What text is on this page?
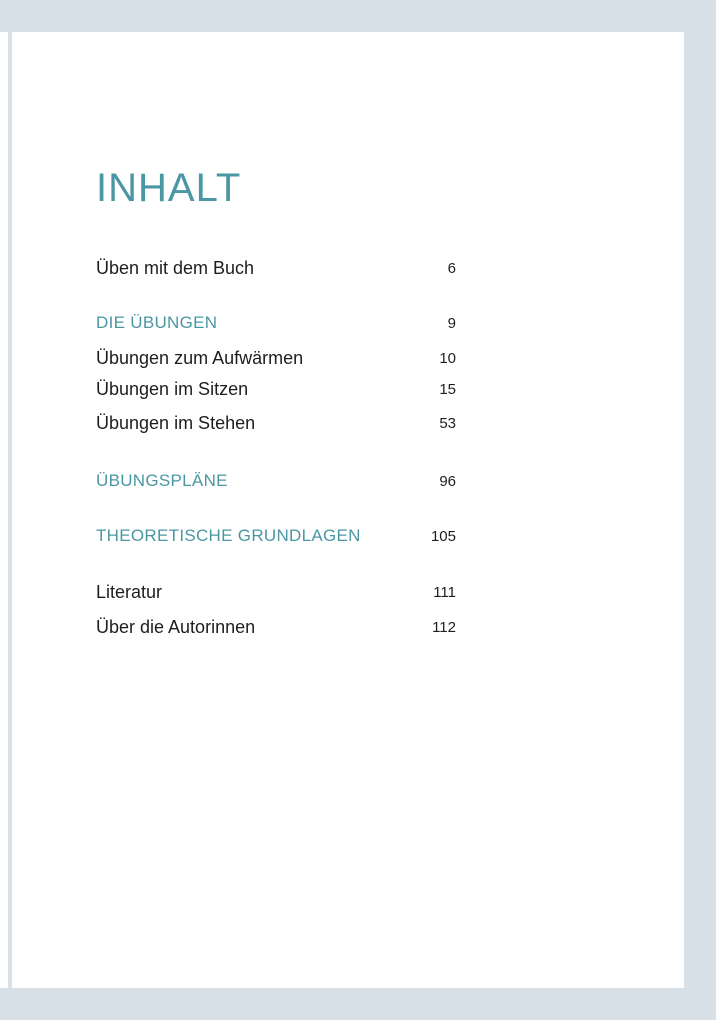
INHALT
Üben mit dem Buch	6
DIE ÜBUNGEN	9
Übungen zum Aufwärmen	10
Übungen im Sitzen	15
Übungen im Stehen	53
ÜBUNGSPLÄNE	96
THEORETISCHE GRUNDLAGEN	105
Literatur	111
Über die Autorinnen	112
